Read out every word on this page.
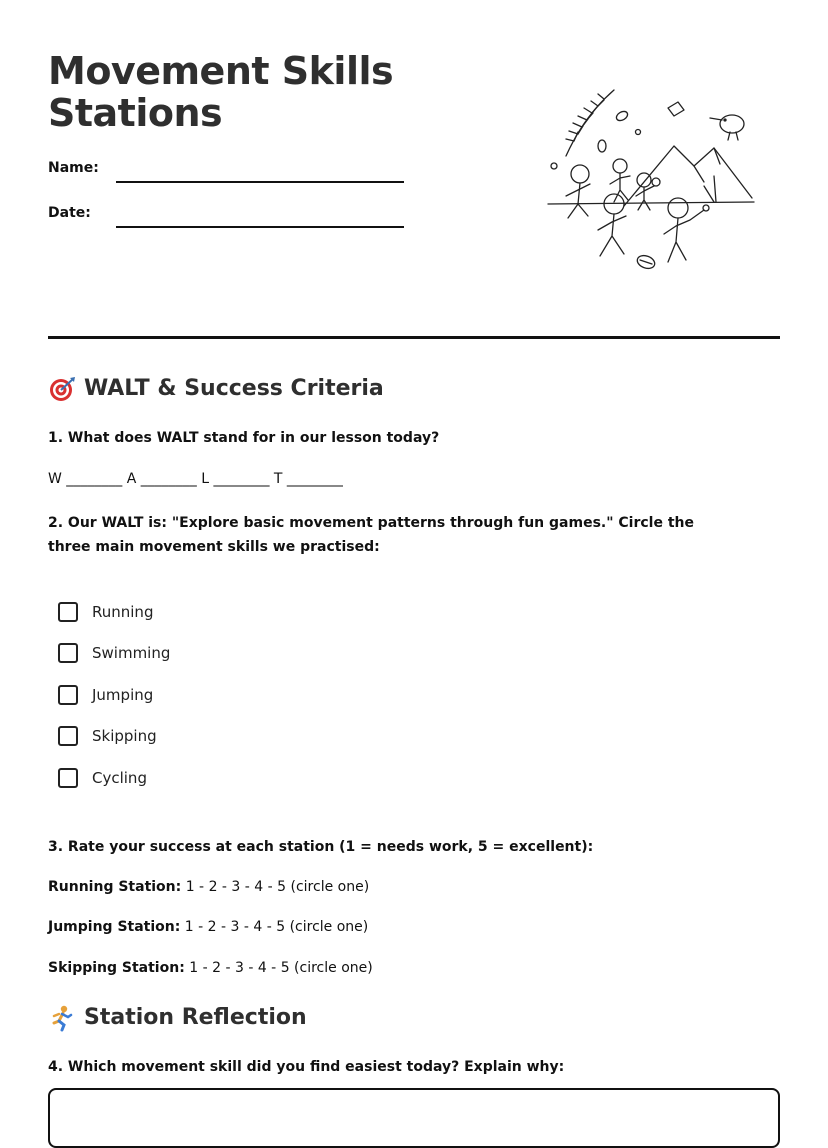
Movement Skills
Stations
Name:
Date:
WALT & Success Criteria
1. What does WALT stand for in our lesson today?
W ________ A ________ L ________ T ________
2. Our WALT is: "Explore basic movement patterns through fun games." Circle the three main movement skills we practised:
Running
Swimming
Jumping
Skipping
Cycling
3. Rate your success at each station (1 = needs work, 5 = excellent):
Running Station: 1 - 2 - 3 - 4 - 5 (circle one)
Jumping Station: 1 - 2 - 3 - 4 - 5 (circle one)
Skipping Station: 1 - 2 - 3 - 4 - 5 (circle one)
Station Reflection
4. Which movement skill did you find easiest today? Explain why:
